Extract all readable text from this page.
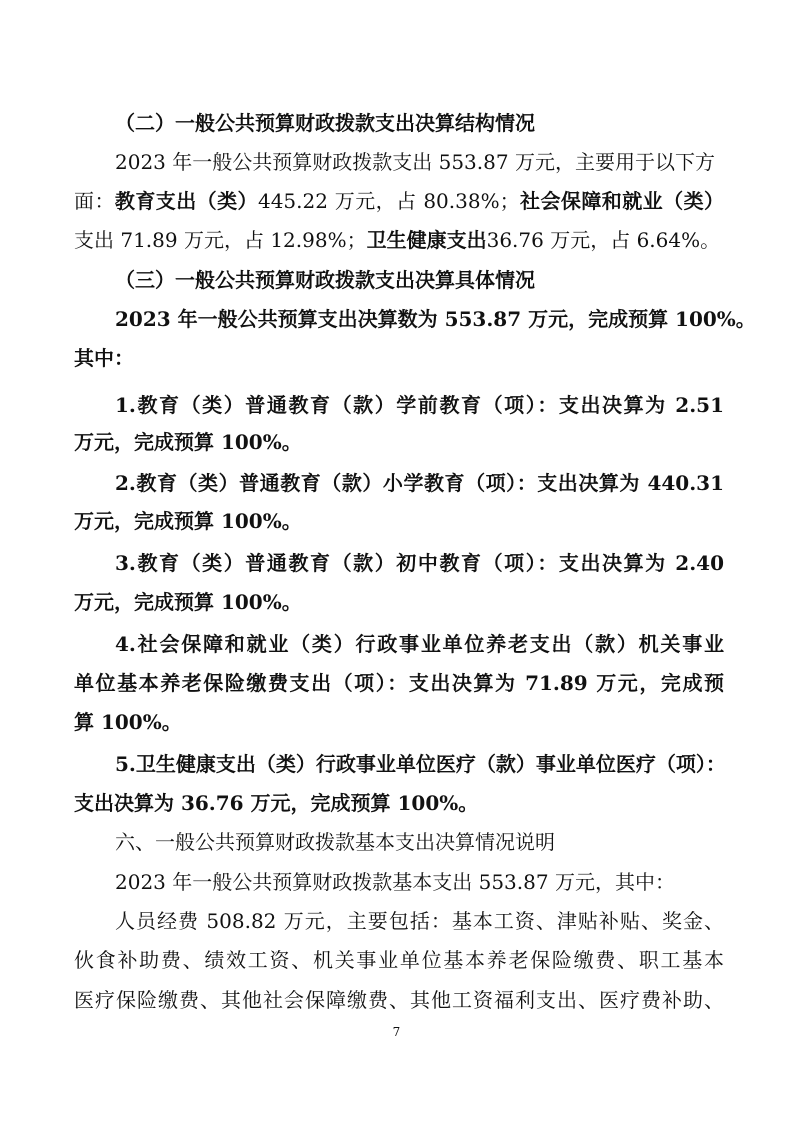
（二）一般公共预算财政拨款支出决算结构情况

2023 年一般公共预算财政拨款支出 553.87 万元，主要用于以下方

面：教育支出（类）445.22 万元，占 80.38%；社会保障和就业（类）

支出 71.89 万元，占 12.98%；卫生健康支出36.76 万元，占 6.64%。

（三）一般公共预算财政拨款支出决算具体情况

2023 年一般公共预算支出决算数为 553.87 万元，完成预算 100%。

其中：

1.教育（类）普通教育（款）学前教育（项）：支出决算为 2.51

万元，完成预算 100%。

2.教育（类）普通教育（款）小学教育（项）：支出决算为 440.31

万元，完成预算 100%。

3.教育（类）普通教育（款）初中教育（项）：支出决算为 2.40

万元，完成预算 100%。

4.社会保障和就业（类）行政事业单位养老支出（款）机关事业

单位基本养老保险缴费支出（项）：支出决算为 71.89 万元，完成预

算 100%。

5.卫生健康支出（类）行政事业单位医疗（款）事业单位医疗（项）：

支出决算为 36.76 万元，完成预算 100%。

六、一般公共预算财政拨款基本支出决算情况说明

2023 年一般公共预算财政拨款基本支出 553.87 万元，其中：

人员经费 508.82 万元，主要包括：基本工资、津贴补贴、奖金、

伙食补助费、绩效工资、机关事业单位基本养老保险缴费、职工基本

医疗保险缴费、其他社会保障缴费、其他工资福利支出、医疗费补助、

7
